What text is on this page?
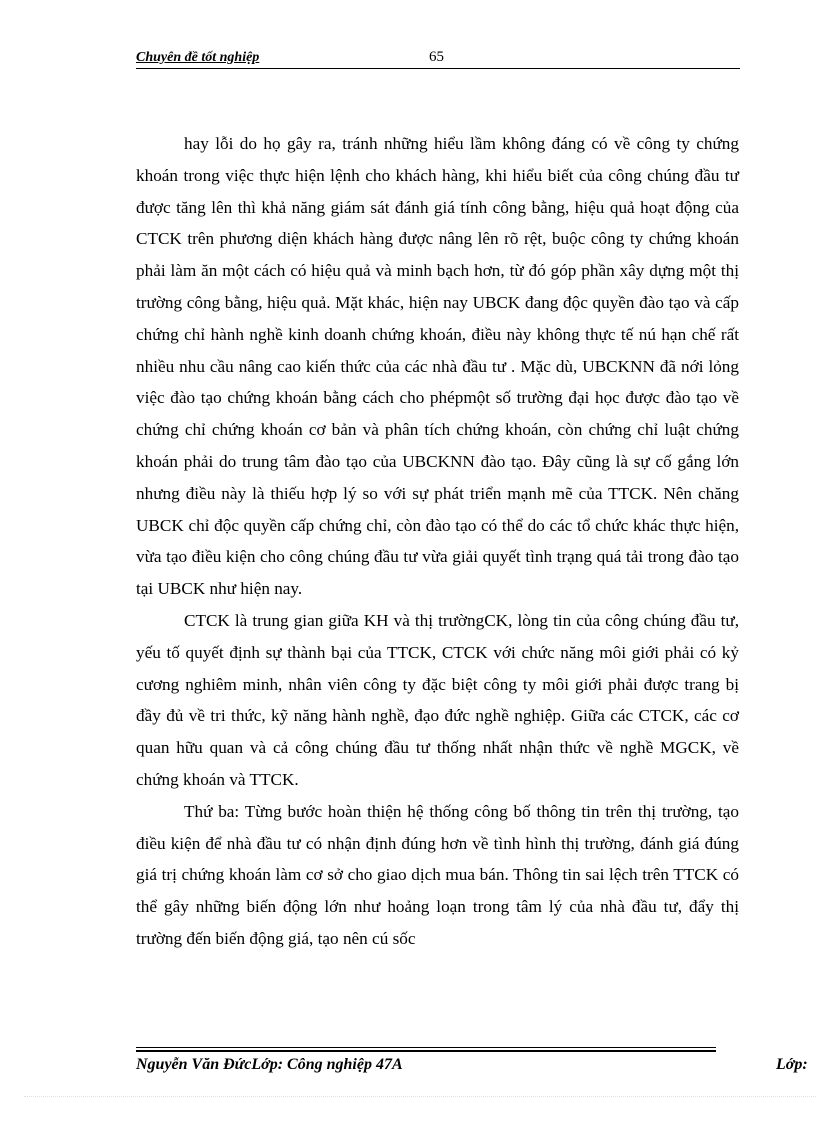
Chuyên đề tốt nghiệp	65

hay lỗi do họ gây ra, tránh những hiểu lầm không đáng có về công ty chứng khoán trong việc thực hiện lệnh cho khách hàng, khi hiểu biết của công chúng đầu tư được tăng lên thì khả năng giám sát đánh giá tính công bằng, hiệu quả hoạt động của CTCK trên phương diện khách hàng được nâng lên rõ rệt, buộc công ty chứng khoán phải làm ăn một cách có hiệu quả và minh bạch hơn, từ đó góp phần xây dựng một thị trường công bằng, hiệu quả. Mặt khác, hiện nay UBCK đang độc quyền đào tạo và cấp chứng chỉ hành nghề kinh doanh chứng khoán, điều này không thực tế nú hạn chế rất nhiều nhu cầu nâng cao kiến thức của các nhà đầu tư . Mặc dù, UBCKNN đã nới lỏng việc đào tạo chứng khoán bằng cách cho phépmột số trường đại học được đào tạo về chứng chỉ chứng khoán cơ bản và phân tích chứng khoán, còn chứng chỉ luật chứng khoán phải do trung tâm đào tạo của UBCKNN đào tạo. Đây cũng là sự cố gắng lớn nhưng điều này là thiếu hợp lý so với sự phát triển mạnh mẽ của TTCK. Nên chăng UBCK chỉ độc quyền cấp chứng chỉ, còn đào tạo có thể do các tổ chức khác thực hiện, vừa tạo điều kiện cho công chúng đầu tư vừa giải quyết tình trạng quá tải trong đào tạo tại UBCK như hiện nay.

CTCK là trung gian giữa KH và thị trườngCK, lòng tin của công chúng đầu tư, yếu tố quyết định sự thành bại của TTCK, CTCK với chức năng môi giới phải có kỷ cương nghiêm minh, nhân viên công ty đặc biệt công ty môi giới phải được trang bị đầy đủ về tri thức, kỹ năng hành nghề, đạo đức nghề nghiệp. Giữa các CTCK, các cơ quan hữu quan và cả công chúng đầu tư thống nhất nhận thức về nghề MGCK, về chứng khoán và TTCK.

Thứ ba: Từng bước hoàn thiện hệ thống công bố thông tin trên thị trường, tạo điều kiện để nhà đầu tư có nhận định đúng hơn về tình hình thị trường, đánh giá đúng giá trị chứng khoán làm cơ sở cho giao dịch mua bán. Thông tin sai lệch trên TTCK có thể gây những biến động lớn như hoảng loạn trong tâm lý của nhà đầu tư, đẩy thị trường đến biến động giá, tạo nên cú sốc

Nguyễn Văn ĐứcLớp: Công nghiệp 47A	Lớp:
